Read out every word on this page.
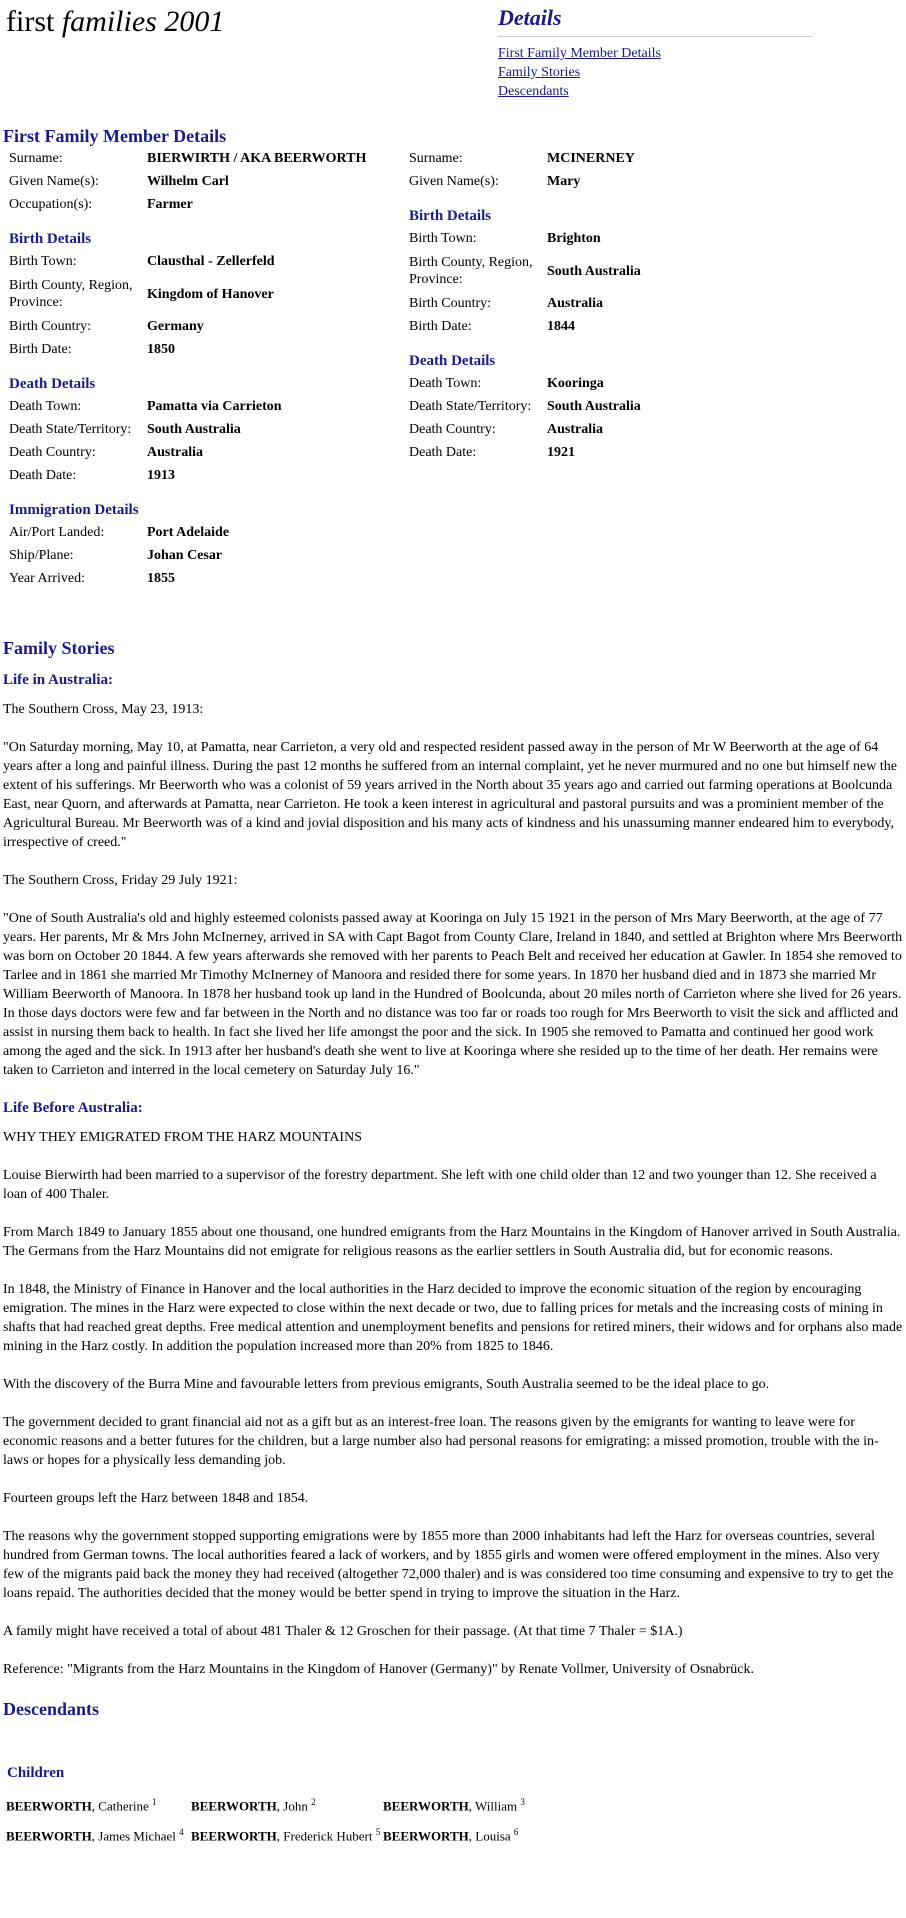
first families 2001	Details
First Family Member Details
Family Stories
Descendants
First Family Member Details
Surname:	BIERWIRTH / AKA BEERWORTH
Given Name(s):	Wilhelm Carl
Occupation(s):	Farmer

Birth Details	
Birth Town:	Clausthal - Zellerfeld
Birth County, Region, Province:	Kingdom of Hanover
Birth Country:	Germany
Birth Date:	1850

Death Details	
Death Town:	Pamatta via Carrieton
Death State/Territory:	South Australia
Death Country:	Australia
Death Date:	1913

Immigration Details	
Air/Port Landed:	Port Adelaide
Ship/Plane:	Johan Cesar
Year Arrived:	1855
Surname:	MCINERNEY
Given Name(s):	Mary

Birth Details	
Birth Town:	Brighton
Birth County, Region, Province:	South Australia
Birth Country:	Australia
Birth Date:	1844

Death Details	
Death Town:	Kooringa
Death State/Territory:	South Australia
Death Country:	Australia
Death Date:	1921
Family Stories
Life in Australia:

The Southern Cross, May 23, 1913:

"On Saturday morning, May 10, at Pamatta, near Carrieton, a very old and respected resident passed away in the person of Mr W Beerworth at the age of 64 years after a long and painful illness. During the past 12 months he suffered from an internal complaint, yet he never murmured and no one but himself new the extent of his sufferings. Mr Beerworth who was a colonist of 59 years arrived in the North about 35 years ago and carried out farming operations at Boolcunda East, near Quorn, and afterwards at Pamatta, near Carrieton. He took a keen interest in agricultural and pastoral pursuits and was a prominient member of the Agricultural Bureau. Mr Beerworth was of a kind and jovial disposition and his many acts of kindness and his unassuming manner endeared him to everybody, irrespective of creed."

The Southern Cross, Friday 29 July 1921:

"One of South Australia's old and highly esteemed colonists passed away at Kooringa on July 15 1921 in the person of Mrs Mary Beerworth, at the age of 77 years. Her parents, Mr & Mrs John McInerney, arrived in SA with Capt Bagot from County Clare, Ireland in 1840, and settled at Brighton where Mrs Beerworth was born on October 20 1844. A few years afterwards she removed with her parents to Peach Belt and received her education at Gawler. In 1854 she removed to Tarlee and in 1861 she married Mr Timothy McInerney of Manoora and resided there for some years. In 1870 her husband died and in 1873 she married Mr William Beerworth of Manoora. In 1878 her husband took up land in the Hundred of Boolcunda, about 20 miles north of Carrieton where she lived for 26 years. In those days doctors were few and far between in the North and no distance was too far or roads too rough for Mrs Beerworth to visit the sick and afflicted and assist in nursing them back to health. In fact she lived her life amongst the poor and the sick. In 1905 she removed to Pamatta and continued her good work among the aged and the sick. In 1913 after her husband's death she went to live at Kooringa where she resided up to the time of her death. Her remains were taken to Carrieton and interred in the local cemetery on Saturday July 16."

Life Before Australia:

WHY THEY EMIGRATED FROM THE HARZ MOUNTAINS

Louise Bierwirth had been married to a supervisor of the forestry department. She left with one child older than 12 and two younger than 12. She received a loan of 400 Thaler.

From March 1849 to January 1855 about one thousand, one hundred emigrants from the Harz Mountains in the Kingdom of Hanover arrived in South Australia. The Germans from the Harz Mountains did not emigrate for religious reasons as the earlier settlers in South Australia did, but for economic reasons.

In 1848, the Ministry of Finance in Hanover and the local authorities in the Harz decided to improve the economic situation of the region by encouraging emigration. The mines in the Harz were expected to close within the next decade or two, due to falling prices for metals and the increasing costs of mining in shafts that had reached great depths. Free medical attention and unemployment benefits and pensions for retired miners, their widows and for orphans also made mining in the Harz costly. In addition the population increased more than 20% from 1825 to 1846.

With the discovery of the Burra Mine and favourable letters from previous emigrants, South Australia seemed to be the ideal place to go.

The government decided to grant financial aid not as a gift but as an interest-free loan. The reasons given by the emigrants for wanting to leave were for economic reasons and a better futures for the children, but a large number also had personal reasons for emigrating: a missed promotion, trouble with the in-laws or hopes for a physically less demanding job.

Fourteen groups left the Harz between 1848 and 1854.

The reasons why the government stopped supporting emigrations were by 1855 more than 2000 inhabitants had left the Harz for overseas countries, several hundred from German towns. The local authorities feared a lack of workers, and by 1855 girls and women were offered employment in the mines. Also very few of the migrants paid back the money they had received (altogether 72,000 thaler) and is was considered too time consuming and expensive to try to get the loans repaid. The authorities decided that the money would be better spend in trying to improve the situation in the Harz.

A family might have received a total of about 481 Thaler & 12 Groschen for their passage. (At that time 7 Thaler = $1A.)

Reference: "Migrants from the Harz Mountains in the Kingdom of Hanover (Germany)" by Renate Vollmer, University of Osnabrück.

Descendants
Children
BEERWORTH, Catherine $^1$	BEERWORTH, John $^2$	BEERWORTH, William $^3$
BEERWORTH, James Michael $^4$ BEERWORTH, Frederick Hubert $^5$ BEERWORTH, Louisa $^6$
